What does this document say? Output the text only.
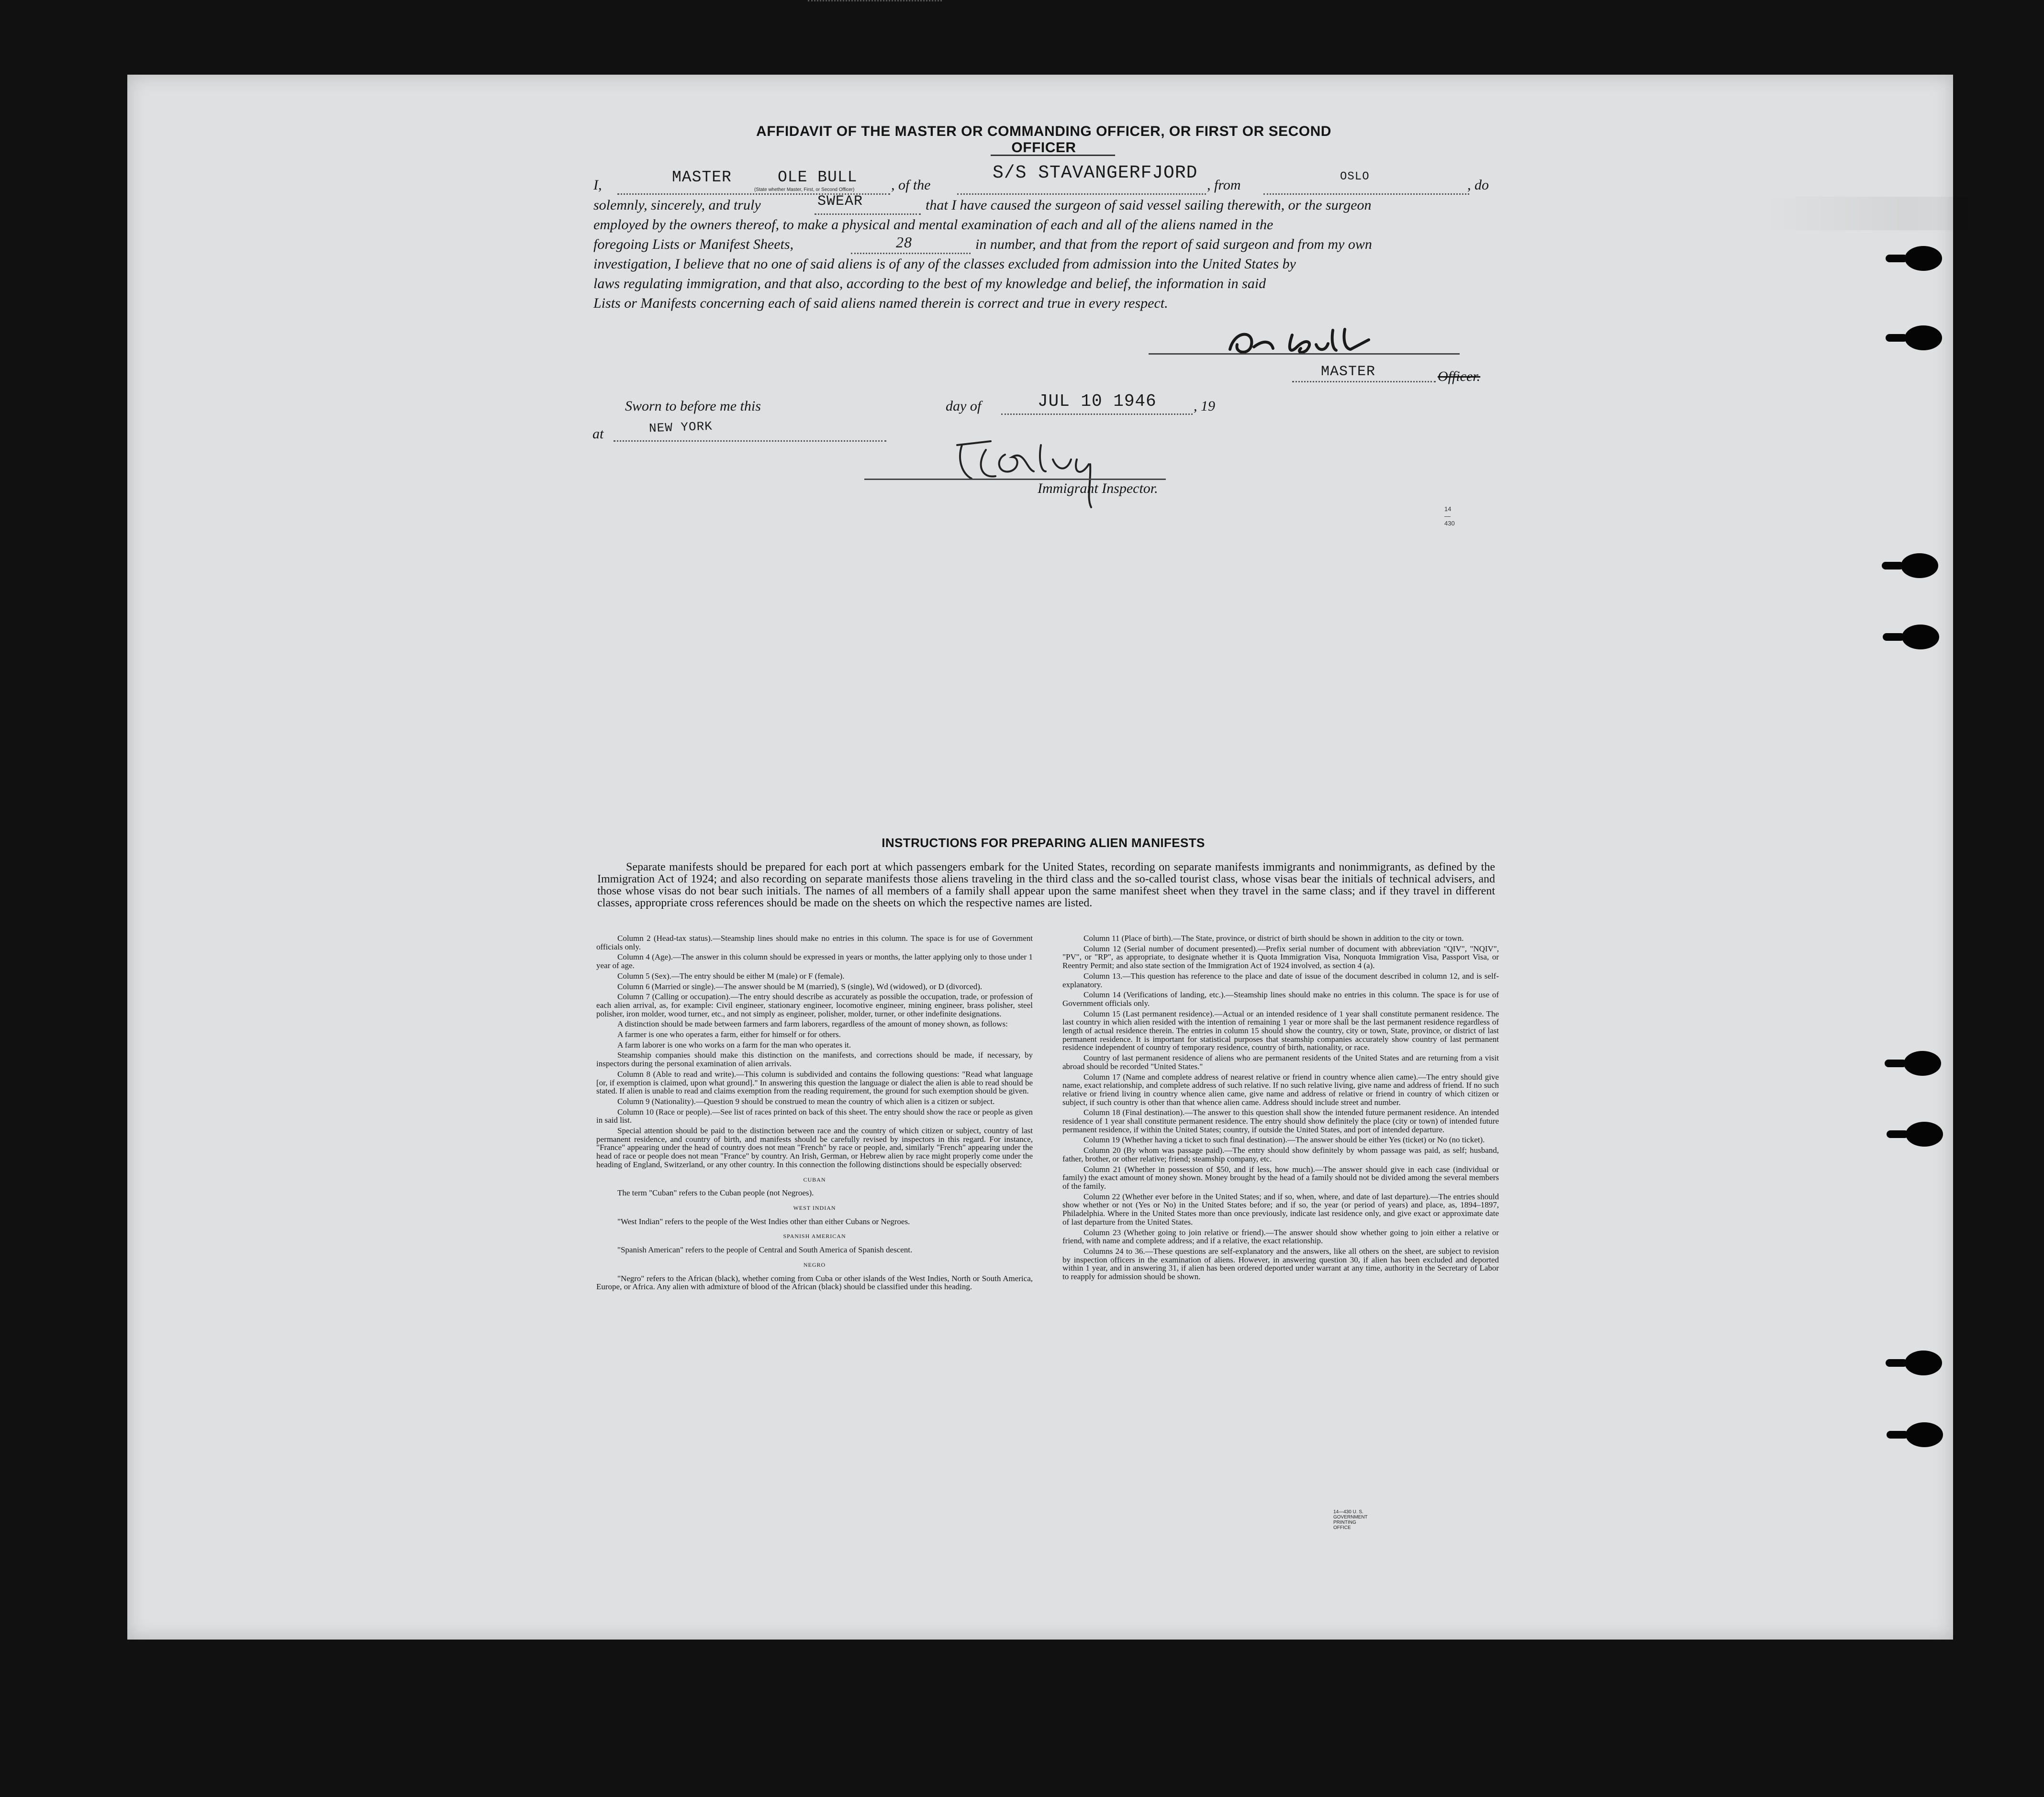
AFFIDAVIT OF THE MASTER OR COMMANDING OFFICER, OR FIRST OR SECOND OFFICER
I,	MASTER	OLE BULL
(State whether Master, First, or Second Officer)	, of the
S/S STAVANGERFJORD
, from
OSLO
, do
solemnly, sincerely, and truly	SWEAR	that I have caused the surgeon of said vessel sailing therewith, or the surgeon
employed by the owners thereof, to make a physical and mental examination of each and all of the aliens named in the
foregoing Lists or Manifest Sheets,	28	in number, and that from the report of said surgeon and from my own
investigation, I believe that no one of said aliens is of any of the classes excluded from admission into the United States by
laws regulating immigration, and that also, according to the best of my knowledge and belief, the information in said
Lists or Manifests concerning each of said aliens named therein is correct and true in every respect.
MASTER	Officer.
Sworn to before me this	day of	JUL 10 1946	, 19
at	NEW YORK
Immigrant Inspector.
14—430
INSTRUCTIONS FOR PREPARING ALIEN MANIFESTS
Separate manifests should be prepared for each port at which passengers embark for the United States, recording on separate manifests immigrants and nonimmigrants, as defined by the Immigration Act of 1924; and also recording on separate manifests those aliens traveling in the third class and the so-called tourist class, whose visas bear the initials of technical advisers, and those whose visas do not bear such initials. The names of all members of a family shall appear upon the same manifest sheet when they travel in the same class; and if they travel in different classes, appropriate cross references should be made on the sheets on which the respective names are listed.

Column 2 (Head-tax status).—Steamship lines should make no entries in this column. The space is for use of Government officials only.

Column 4 (Age).—The answer in this column should be expressed in years or months, the latter applying only to those under 1 year of age.

Column 5 (Sex).—The entry should be either M (male) or F (female).

Column 6 (Married or single).—The answer should be M (married), S (single), Wd (widowed), or D (divorced).

Column 7 (Calling or occupation).—The entry should describe as accurately as possible the occupation, trade, or profession of each alien arrival, as, for example: Civil engineer, stationary engineer, locomotive engineer, mining engineer, brass polisher, steel polisher, iron molder, wood turner, etc., and not simply as engineer, polisher, molder, turner, or other indefinite designations.

A distinction should be made between farmers and farm laborers, regardless of the amount of money shown, as follows:

A farmer is one who operates a farm, either for himself or for others.

A farm laborer is one who works on a farm for the man who operates it.

Steamship companies should make this distinction on the manifests, and corrections should be made, if necessary, by inspectors during the personal examination of alien arrivals.

Column 8 (Able to read and write).—This column is subdivided and contains the following questions: "Read what language [or, if exemption is claimed, upon what ground]." In answering this question the language or dialect the alien is able to read should be stated. If alien is unable to read and claims exemption from the reading requirement, the ground for such exemption should be given.

Column 9 (Nationality).—Question 9 should be construed to mean the country of which alien is a citizen or subject.

Column 10 (Race or people).—See list of races printed on back of this sheet. The entry should show the race or people as given in said list.

Special attention should be paid to the distinction between race and the country of which citizen or subject, country of last permanent residence, and country of birth, and manifests should be carefully revised by inspectors in this regard. For instance, "France" appearing under the head of country does not mean "French" by race or people, and, similarly "French" appearing under the head of race or people does not mean "France" by country. An Irish, German, or Hebrew alien by race might properly come under the heading of England, Switzerland, or any other country. In this connection the following distinctions should be especially observed:

CUBAN

The term "Cuban" refers to the Cuban people (not Negroes).

WEST INDIAN

"West Indian" refers to the people of the West Indies other than either Cubans or Negroes.

SPANISH AMERICAN

"Spanish American" refers to the people of Central and South America of Spanish descent.

NEGRO

"Negro" refers to the African (black), whether coming from Cuba or other islands of the West Indies, North or South America, Europe, or Africa. Any alien with admixture of blood of the African (black) should be classified under this heading.

Column 11 (Place of birth).—The State, province, or district of birth should be shown in addition to the city or town.

Column 12 (Serial number of document presented).—Prefix serial number of document with abbreviation "QIV", "NQIV", "PV", or "RP", as appropriate, to designate whether it is Quota Immigration Visa, Nonquota Immigration Visa, Passport Visa, or Reentry Permit; and also state section of the Immigration Act of 1924 involved, as section 4 (a).

Column 13.—This question has reference to the place and date of issue of the document described in column 12, and is self-explanatory.

Column 14 (Verifications of landing, etc.).—Steamship lines should make no entries in this column. The space is for use of Government officials only.

Column 15 (Last permanent residence).—Actual or an intended residence of 1 year shall constitute permanent residence. The last country in which alien resided with the intention of remaining 1 year or more shall be the last permanent residence regardless of length of actual residence therein. The entries in column 15 should show the country, city or town, State, province, or district of last permanent residence. It is important for statistical purposes that steamship companies accurately show country of last permanent residence independent of country of temporary residence, country of birth, nationality, or race.

Country of last permanent residence of aliens who are permanent residents of the United States and are returning from a visit abroad should be recorded "United States."

Column 17 (Name and complete address of nearest relative or friend in country whence alien came).—The entry should give name, exact relationship, and complete address of such relative. If no such relative living, give name and address of friend. If no such relative or friend living in country whence alien came, give name and address of relative or friend in country of which citizen or subject, if such country is other than that whence alien came. Address should include street and number.

Column 18 (Final destination).—The answer to this question shall show the intended future permanent residence. An intended residence of 1 year shall constitute permanent residence. The entry should show definitely the place (city or town) of intended future permanent residence, if within the United States; country, if outside the United States, and port of intended departure.

Column 19 (Whether having a ticket to such final destination).—The answer should be either Yes (ticket) or No (no ticket).

Column 20 (By whom was passage paid).—The entry should show definitely by whom passage was paid, as self; husband, father, brother, or other relative; friend; steamship company, etc.

Column 21 (Whether in possession of $50, and if less, how much).—The answer should give in each case (individual or family) the exact amount of money shown. Money brought by the head of a family should not be divided among the several members of the family.

Column 22 (Whether ever before in the United States; and if so, when, where, and date of last departure).—The entries should show whether or not (Yes or No) in the United States before; and if so, the year (or period of years) and place, as, 1894–1897, Philadelphia. Where in the United States more than once previously, indicate last residence only, and give exact or approximate date of last departure from the United States.

Column 23 (Whether going to join relative or friend).—The answer should show whether going to join either a relative or friend, with name and complete address; and if a relative, the exact relationship.

Columns 24 to 36.—These questions are self-explanatory and the answers, like all others on the sheet, are subject to revision by inspection officers in the examination of aliens. However, in answering question 30, if alien has been excluded and deported within 1 year, and in answering 31, if alien has been ordered deported under warrant at any time, authority in the Secretary of Labor to reapply for admission should be shown.

14—430 U. S. GOVERNMENT PRINTING OFFICE
